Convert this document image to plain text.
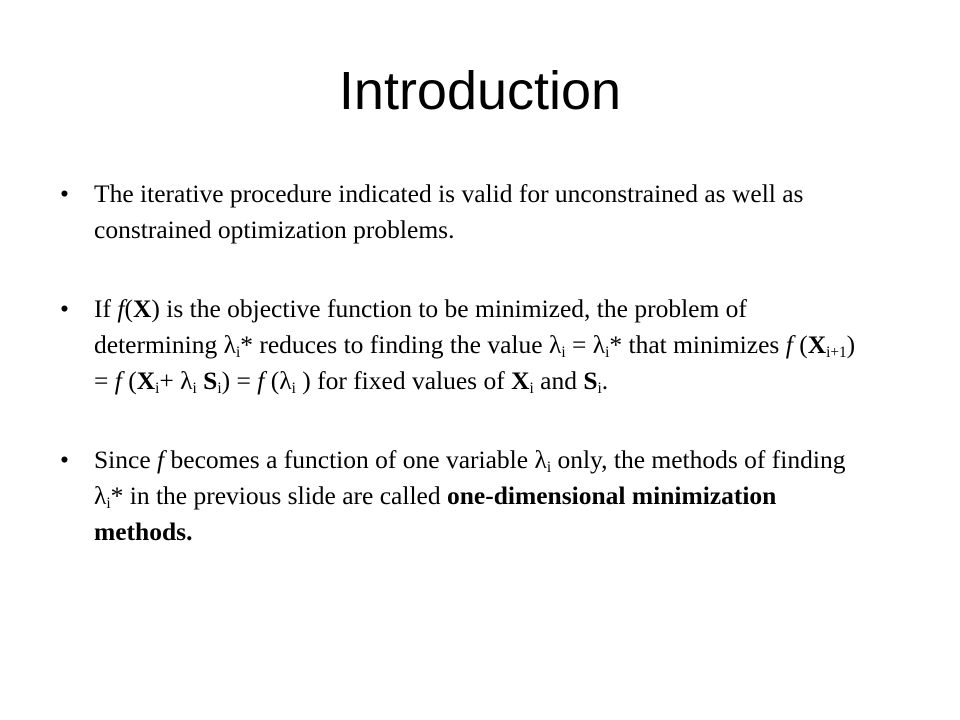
Introduction
• The iterative procedure indicated is valid for unconstrained as well as constrained optimization problems.
• If f(X) is the objective function to be minimized, the problem of determining $\lambda_i*$ reduces to finding the value $\lambda_i = \lambda_i*$ that minimizes f $(X_{i+1}) = f$ ($X_i+ \lambda_i$ $S_i) = f$ ($\lambda_i$ ) for fixed values of $X_i$ and $S_i$.
• Since f becomes a function of one variable $\lambda_i$ only, the methods of finding $\lambda_i*$ in the previous slide are called one-dimensional minimization methods.
